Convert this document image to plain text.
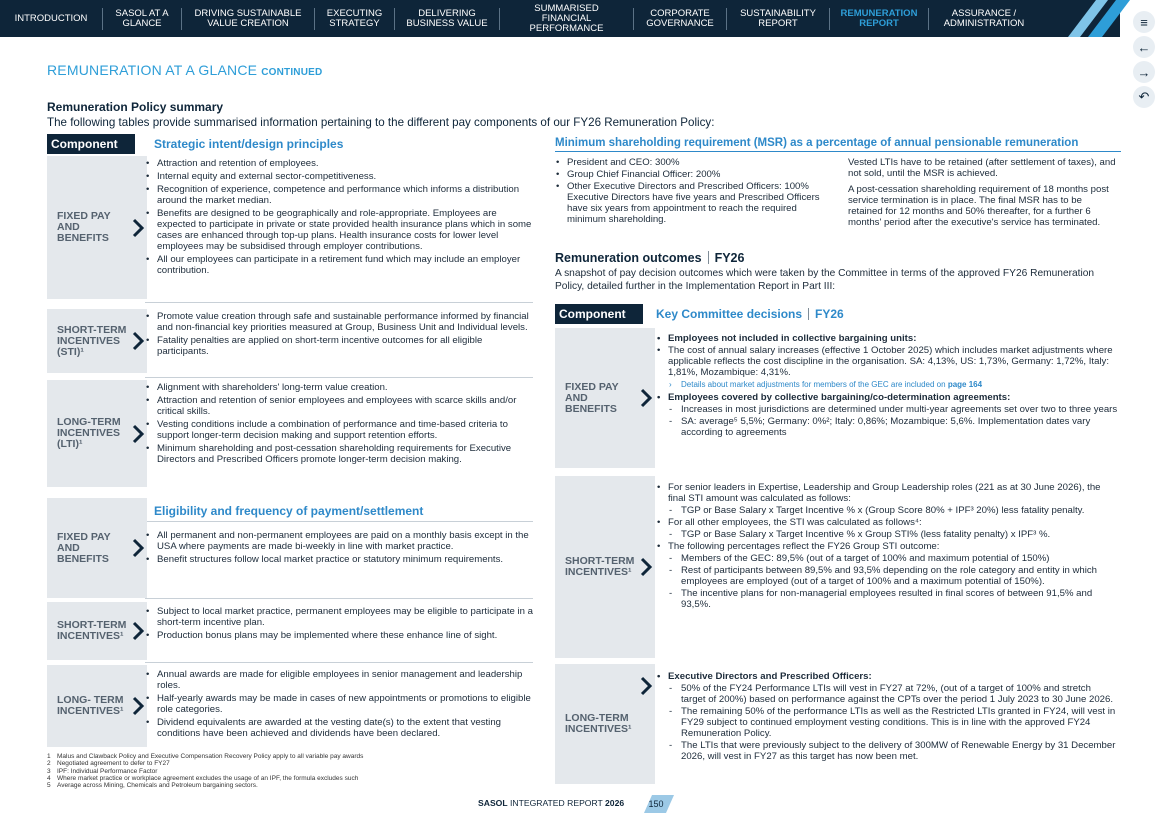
INTRODUCTION	SASOL AT A GLANCE
DRIVING SUSTAINABLE VALUE CREATION
EXECUTING STRATEGY
DELIVERING BUSINESS VALUE
SUMMARISED FINANCIAL PERFORMANCE
CORPORATE GOVERNANCE
SUSTAINABILITY REPORT
REMUNERATION REPORT
ASSURANCE / ADMINISTRATION	≡
←
→
↶
REMUNERATION AT A GLANCE CONTINUED
Remuneration Policy summary
The following tables provide summarised information pertaining to the different pay components of our FY26 Remuneration Policy:
Component	Strategic intent/design principles
FIXED PAY AND BENEFITS
• Attraction and retention of employees.
• Internal equity and external sector-competitiveness.
• Recognition of experience, competence and performance which informs a distribution around the market median.
• Benefits are designed to be geographically and role-appropriate. Employees are expected to participate in private or state provided health insurance plans which in some cases are enhanced through top-up plans. Health insurance costs for lower level employees may be subsidised through employer contributions.
• All our employees can participate in a retirement fund which may include an employer contribution.
SHORT-TERM INCENTIVES (STI)¹
• Promote value creation through safe and sustainable performance informed by financial and non-financial key priorities measured at Group, Business Unit and Individual levels.
• Fatality penalties are applied on short-term incentive outcomes for all eligible participants.
LONG-TERM INCENTIVES (LTI)¹
• Alignment with shareholders' long-term value creation.
• Attraction and retention of senior employees and employees with scarce skills and/or critical skills.
• Vesting conditions include a combination of performance and time-based criteria to support longer-term decision making and support retention efforts.
• Minimum shareholding and post-cessation shareholding requirements for Executive Directors and Prescribed Officers promote longer-term decision making.
Eligibility and frequency of payment/settlement
FIXED PAY AND BENEFITS
• All permanent and non-permanent employees are paid on a monthly basis except in the USA where payments are made bi-weekly in line with market practice.
• Benefit structures follow local market practice or statutory minimum requirements.
SHORT-TERM INCENTIVES¹
• Subject to local market practice, permanent employees may be eligible to participate in a short-term incentive plan.
• Production bonus plans may be implemented where these enhance line of sight.
LONG- TERM INCENTIVES¹
• Annual awards are made for eligible employees in senior management and leadership roles.
• Half-yearly awards may be made in cases of new appointments or promotions to eligible role categories.
• Dividend equivalents are awarded at the vesting date(s) to the extent that vesting conditions have been achieved and dividends have been declared.
1 Malus and Clawback Policy and Executive Compensation Recovery Policy apply to all variable pay awards
2 Negotiated agreement to defer to FY27
3 IPF: Individual Performance Factor
4 Where market practice or workplace agreement excludes the usage of an IPF, the formula excludes such
5 Average across Mining, Chemicals and Petroleum bargaining sectors.
Minimum shareholding requirement (MSR) as a percentage of annual pensionable remuneration
• President and CEO: 300%
• Group Chief Financial Officer: 200%
• Other Executive Directors and Prescribed Officers: 100% Executive Directors have five years and Prescribed Officers have six years from appointment to reach the required minimum shareholding.
Vested LTIs have to be retained (after settlement of taxes), and not sold, until the MSR is achieved.
A post-cessation shareholding requirement of 18 months post service termination is in place. The final MSR has to be retained for 12 months and 50% thereafter, for a further 6 months' period after the executive's service has terminated.
Remuneration outcomes FY26
A snapshot of pay decision outcomes which were taken by the Committee in terms of the approved FY26 Remuneration Policy, detailed further in the Implementation Report in Part III:
Component	Key Committee decisions FY26
FIXED PAY AND BENEFITS
• Employees not included in collective bargaining units:
• The cost of annual salary increases (effective 1 October 2025) which includes market adjustments where applicable reflects the cost discipline in the organisation. SA: 4,13%, US: 1,73%, Germany: 1,72%, Italy: 1,81%, Mozambique: 4,31%.
› Details about market adjustments for members of the GEC are included on page 164
• Employees covered by collective bargaining/co-determination agreements:
- Increases in most jurisdictions are determined under multi-year agreements set over two to three years
- SA: average⁵ 5,5%; Germany: 0%²; Italy: 0,86%; Mozambique: 5,6%. Implementation dates vary according to agreements
SHORT-TERM INCENTIVES¹
• For senior leaders in Expertise, Leadership and Group Leadership roles (221 as at 30 June 2026), the final STI amount was calculated as follows:
- TGP or Base Salary x Target Incentive % x (Group Score 80% + IPF³ 20%) less fatality penalty.
• For all other employees, the STI was calculated as follows⁴:
- TGP or Base Salary x Target Incentive % x Group STI% (less fatality penalty) x IPF³ %.
• The following percentages reflect the FY26 Group STI outcome:
- Members of the GEC: 89,5% (out of a target of 100% and maximum potential of 150%)
- Rest of participants between 89,5% and 93,5% depending on the role category and entity in which employees are employed (out of a target of 100% and a maximum potential of 150%).
- The incentive plans for non-managerial employees resulted in final scores of between 91,5% and 93,5%.
LONG-TERM INCENTIVES¹
• Executive Directors and Prescribed Officers:
- 50% of the FY24 Performance LTIs will vest in FY27 at 72%, (out of a target of 100% and stretch target of 200%) based on performance against the CPTs over the period 1 July 2023 to 30 June 2026.
- The remaining 50% of the performance LTIs as well as the Restricted LTIs granted in FY24, will vest in FY29 subject to continued employment vesting conditions. This is in line with the approved FY24 Remuneration Policy.
- The LTIs that were previously subject to the delivery of 300MW of Renewable Energy by 31 December 2026, will vest in FY27 as this target has now been met.
SASOL INTEGRATED REPORT 2026	150
